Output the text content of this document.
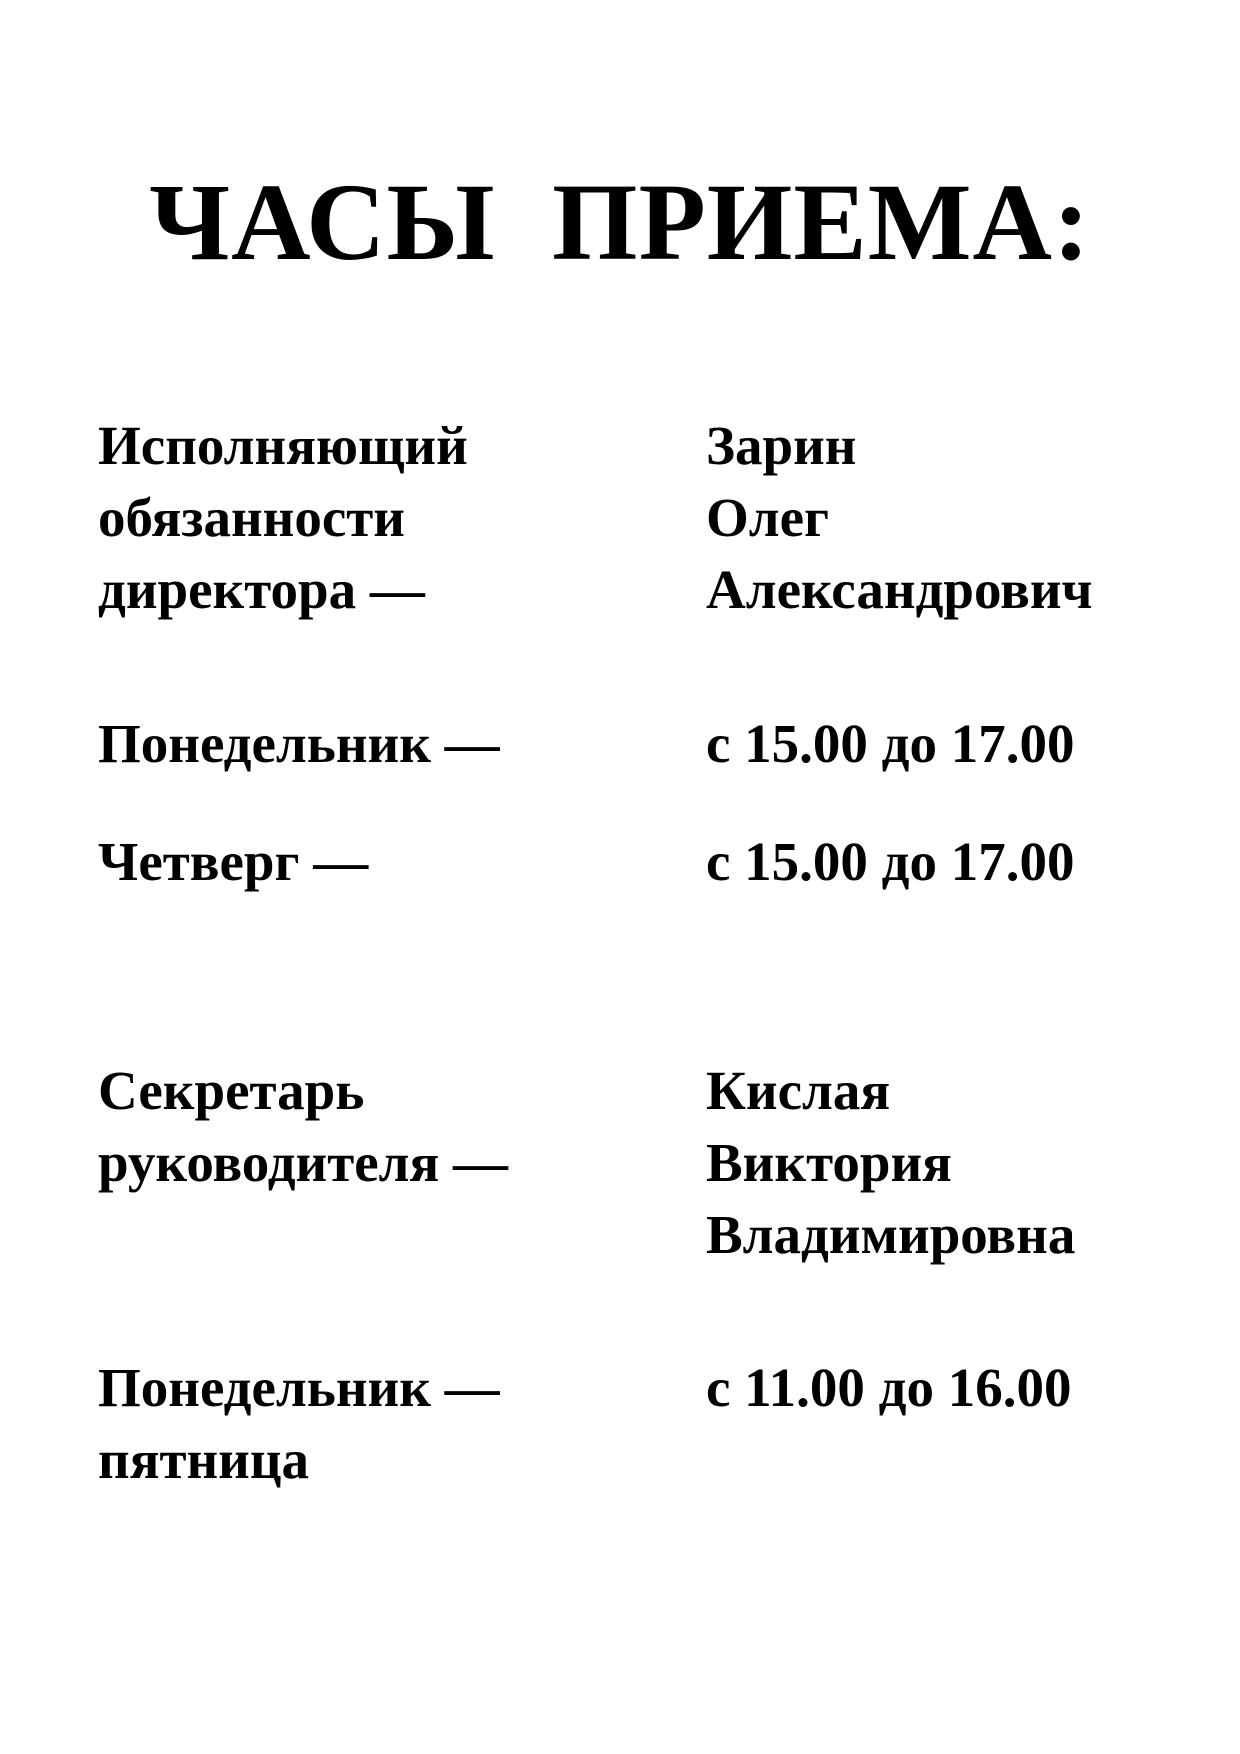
ЧАСЫ ПРИЕМА:
Исполняющий
обязанности
директора —
Зарин
Олег
Александрович
Понедельник —	с 15.00 до 17.00
Четверг —	с 15.00 до 17.00
Секретарь
руководителя —
Кислая
Виктория
Владимировна
Понедельник —
пятница
с 11.00 до 16.00
